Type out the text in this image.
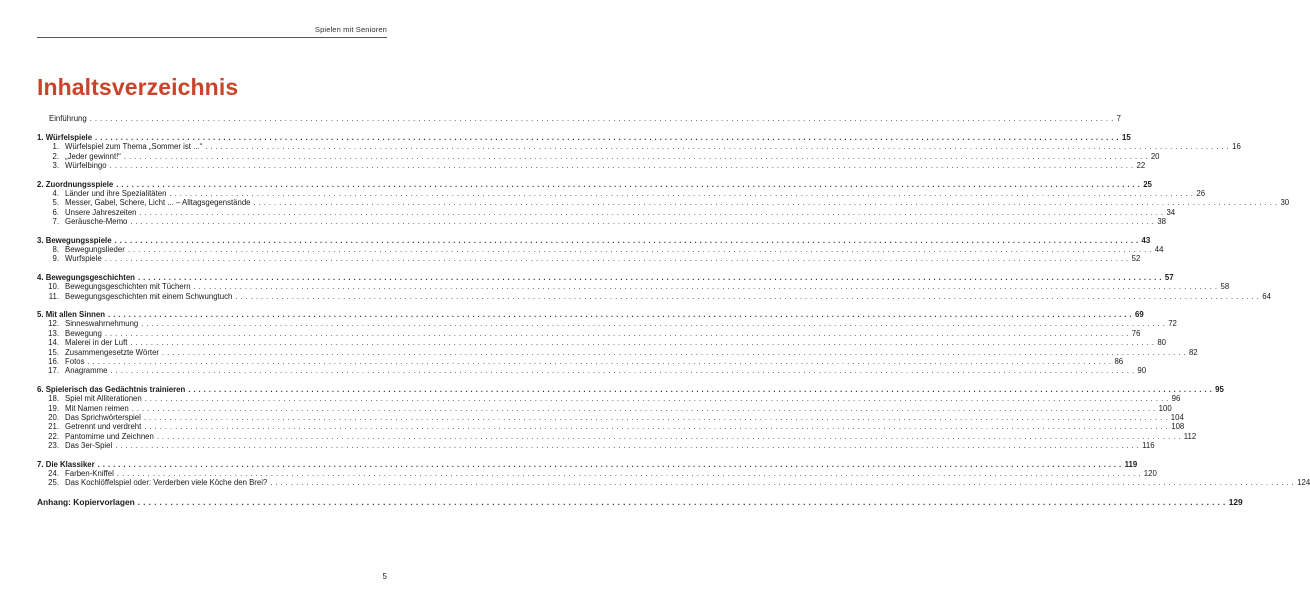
Spielen mit Senioren
Inhaltsverzeichnis
Einführung . . . . . . . . . . . . . . . . . . . . . . . . . . . . . . . . . . . . . . . . . . . . . . . . . . . . . . . . . . . . . . . . . . . . . . . . . . . . . . . . . . . . . . . . . . . . . . . . . . . . . . . . . . . . . . . . . . . . . . . . . . . . . . . . . . . . . . . . . . . . . . . . . . . . . . . . . . . . . . . . . . . . . . . . . . . . . . . . . . . . . . . . . . . . . . . . . . . . . . . . 7
1.
Würfelspiele . . . . . . . . . . . . . . . . . . . . . . . . . . . . . . . . . . . . . . . . . . . . . . . . . . . . . . . . . . . . . . . . . . . . . . . . . . . . . . . . . . . . . . . . . . . . . . . . . . . . . . . . . . . . . . . . . . . . . . . . . . . . . . . . . . . . . . . . . . . . . . . . . . . . . . . . . . . . . . . . . . . . . . . . . . . . . . . . . . . . . . . . . . . . . . . . . . . . . . . . 15
1. Würfelspiel zum Thema „Sommer ist ...“ . . . . . . . . . . . . . . . . . . . . . . . . . . . . . . . . . . . . . . . . . . . . . . . . . . . . . . . . . . . . . . . . . . . . . . . . . . . . . . . . . . . . . . . . . . . . . . . . . . . . . . . . . . . . . . . . . . . . . . . . . . . . . . . . . . . . . . . . . . . . . . . . . . . . . . . . . . . . . . . . . . . . . . . . . . . . . . . . . . . . . . . . . . . . . . . . . . . . . . . . 16
2. „Jeder gewinnt!“ . . . . . . . . . . . . . . . . . . . . . . . . . . . . . . . . . . . . . . . . . . . . . . . . . . . . . . . . . . . . . . . . . . . . . . . . . . . . . . . . . . . . . . . . . . . . . . . . . . . . . . . . . . . . . . . . . . . . . . . . . . . . . . . . . . . . . . . . . . . . . . . . . . . . . . . . . . . . . . . . . . . . . . . . . . . . . . . . . . . . . . . . . . . . . . . . . . . . . . . . 20
3. Würfelbingo . . . . . . . . . . . . . . . . . . . . . . . . . . . . . . . . . . . . . . . . . . . . . . . . . . . . . . . . . . . . . . . . . . . . . . . . . . . . . . . . . . . . . . . . . . . . . . . . . . . . . . . . . . . . . . . . . . . . . . . . . . . . . . . . . . . . . . . . . . . . . . . . . . . . . . . . . . . . . . . . . . . . . . . . . . . . . . . . . . . . . . . . . . . . . . . . . . . . . . . . 22
2.
Zuordnungsspiele . . . . . . . . . . . . . . . . . . . . . . . . . . . . . . . . . . . . . . . . . . . . . . . . . . . . . . . . . . . . . . . . . . . . . . . . . . . . . . . . . . . . . . . . . . . . . . . . . . . . . . . . . . . . . . . . . . . . . . . . . . . . . . . . . . . . . . . . . . . . . . . . . . . . . . . . . . . . . . . . . . . . . . . . . . . . . . . . . . . . . . . . . . . . . . . . . . . . . . . . 25
4. Länder und ihre Spezialitäten . . . . . . . . . . . . . . . . . . . . . . . . . . . . . . . . . . . . . . . . . . . . . . . . . . . . . . . . . . . . . . . . . . . . . . . . . . . . . . . . . . . . . . . . . . . . . . . . . . . . . . . . . . . . . . . . . . . . . . . . . . . . . . . . . . . . . . . . . . . . . . . . . . . . . . . . . . . . . . . . . . . . . . . . . . . . . . . . . . . . . . . . . . . . . . . . . . . . . . . . 26
5. Messer, Gabel, Schere, Licht ... – Alltagsgegenstände . . . . . . . . . . . . . . . . . . . . . . . . . . . . . . . . . . . . . . . . . . . . . . . . . . . . . . . . . . . . . . . . . . . . . . . . . . . . . . . . . . . . . . . . . . . . . . . . . . . . . . . . . . . . . . . . . . . . . . . . . . . . . . . . . . . . . . . . . . . . . . . . . . . . . . . . . . . . . . . . . . . . . . . . . . . . . . . . . . . . . . . . . . . . . . . . . . . . . . . . 30
6. Unsere Jahreszeiten . . . . . . . . . . . . . . . . . . . . . . . . . . . . . . . . . . . . . . . . . . . . . . . . . . . . . . . . . . . . . . . . . . . . . . . . . . . . . . . . . . . . . . . . . . . . . . . . . . . . . . . . . . . . . . . . . . . . . . . . . . . . . . . . . . . . . . . . . . . . . . . . . . . . . . . . . . . . . . . . . . . . . . . . . . . . . . . . . . . . . . . . . . . . . . . . . . . . . . . . 34
7. Geräusche-Memo . . . . . . . . . . . . . . . . . . . . . . . . . . . . . . . . . . . . . . . . . . . . . . . . . . . . . . . . . . . . . . . . . . . . . . . . . . . . . . . . . . . . . . . . . . . . . . . . . . . . . . . . . . . . . . . . . . . . . . . . . . . . . . . . . . . . . . . . . . . . . . . . . . . . . . . . . . . . . . . . . . . . . . . . . . . . . . . . . . . . . . . . . . . . . . . . . . . . . . . . 38
3.
Bewegungsspiele . . . . . . . . . . . . . . . . . . . . . . . . . . . . . . . . . . . . . . . . . . . . . . . . . . . . . . . . . . . . . . . . . . . . . . . . . . . . . . . . . . . . . . . . . . . . . . . . . . . . . . . . . . . . . . . . . . . . . . . . . . . . . . . . . . . . . . . . . . . . . . . . . . . . . . . . . . . . . . . . . . . . . . . . . . . . . . . . . . . . . . . . . . . . . . . . . . . . . . . . 43
8. Bewegungslieder . . . . . . . . . . . . . . . . . . . . . . . . . . . . . . . . . . . . . . . . . . . . . . . . . . . . . . . . . . . . . . . . . . . . . . . . . . . . . . . . . . . . . . . . . . . . . . . . . . . . . . . . . . . . . . . . . . . . . . . . . . . . . . . . . . . . . . . . . . . . . . . . . . . . . . . . . . . . . . . . . . . . . . . . . . . . . . . . . . . . . . . . . . . . . . . . . . . . . . . . 44
9. Wurfspiele . . . . . . . . . . . . . . . . . . . . . . . . . . . . . . . . . . . . . . . . . . . . . . . . . . . . . . . . . . . . . . . . . . . . . . . . . . . . . . . . . . . . . . . . . . . . . . . . . . . . . . . . . . . . . . . . . . . . . . . . . . . . . . . . . . . . . . . . . . . . . . . . . . . . . . . . . . . . . . . . . . . . . . . . . . . . . . . . . . . . . . . . . . . . . . . . . . . . . . . . 52
4.
Bewegungsgeschichten . . . . . . . . . . . . . . . . . . . . . . . . . . . . . . . . . . . . . . . . . . . . . . . . . . . . . . . . . . . . . . . . . . . . . . . . . . . . . . . . . . . . . . . . . . . . . . . . . . . . . . . . . . . . . . . . . . . . . . . . . . . . . . . . . . . . . . . . . . . . . . . . . . . . . . . . . . . . . . . . . . . . . . . . . . . . . . . . . . . . . . . . . . . . . . . . . . . . . . . . 57
10. Bewegungsgeschichten mit Tüchern . . . . . . . . . . . . . . . . . . . . . . . . . . . . . . . . . . . . . . . . . . . . . . . . . . . . . . . . . . . . . . . . . . . . . . . . . . . . . . . . . . . . . . . . . . . . . . . . . . . . . . . . . . . . . . . . . . . . . . . . . . . . . . . . . . . . . . . . . . . . . . . . . . . . . . . . . . . . . . . . . . . . . . . . . . . . . . . . . . . . . . . . . . . . . . . . . . . . . . . . 58
11. Bewegungsgeschichten mit einem Schwungtuch . . . . . . . . . . . . . . . . . . . . . . . . . . . . . . . . . . . . . . . . . . . . . . . . . . . . . . . . . . . . . . . . . . . . . . . . . . . . . . . . . . . . . . . . . . . . . . . . . . . . . . . . . . . . . . . . . . . . . . . . . . . . . . . . . . . . . . . . . . . . . . . . . . . . . . . . . . . . . . . . . . . . . . . . . . . . . . . . . . . . . . . . . . . . . . . . . . . . . . . . 64
5.
Mit allen Sinnen . . . . . . . . . . . . . . . . . . . . . . . . . . . . . . . . . . . . . . . . . . . . . . . . . . . . . . . . . . . . . . . . . . . . . . . . . . . . . . . . . . . . . . . . . . . . . . . . . . . . . . . . . . . . . . . . . . . . . . . . . . . . . . . . . . . . . . . . . . . . . . . . . . . . . . . . . . . . . . . . . . . . . . . . . . . . . . . . . . . . . . . . . . . . . . . . . . . . . . . . 69
12. Sinneswahrnehmung . . . . . . . . . . . . . . . . . . . . . . . . . . . . . . . . . . . . . . . . . . . . . . . . . . . . . . . . . . . . . . . . . . . . . . . . . . . . . . . . . . . . . . . . . . . . . . . . . . . . . . . . . . . . . . . . . . . . . . . . . . . . . . . . . . . . . . . . . . . . . . . . . . . . . . . . . . . . . . . . . . . . . . . . . . . . . . . . . . . . . . . . . . . . . . . . . . . . . . . . 72
13. Bewegung . . . . . . . . . . . . . . . . . . . . . . . . . . . . . . . . . . . . . . . . . . . . . . . . . . . . . . . . . . . . . . . . . . . . . . . . . . . . . . . . . . . . . . . . . . . . . . . . . . . . . . . . . . . . . . . . . . . . . . . . . . . . . . . . . . . . . . . . . . . . . . . . . . . . . . . . . . . . . . . . . . . . . . . . . . . . . . . . . . . . . . . . . . . . . . . . . . . . . . . . 76
14. Malerei in der Luft . . . . . . . . . . . . . . . . . . . . . . . . . . . . . . . . . . . . . . . . . . . . . . . . . . . . . . . . . . . . . . . . . . . . . . . . . . . . . . . . . . . . . . . . . . . . . . . . . . . . . . . . . . . . . . . . . . . . . . . . . . . . . . . . . . . . . . . . . . . . . . . . . . . . . . . . . . . . . . . . . . . . . . . . . . . . . . . . . . . . . . . . . . . . . . . . . . . . . . . . 80
15. Zusammengesetzte Wörter . . . . . . . . . . . . . . . . . . . . . . . . . . . . . . . . . . . . . . . . . . . . . . . . . . . . . . . . . . . . . . . . . . . . . . . . . . . . . . . . . . . . . . . . . . . . . . . . . . . . . . . . . . . . . . . . . . . . . . . . . . . . . . . . . . . . . . . . . . . . . . . . . . . . . . . . . . . . . . . . . . . . . . . . . . . . . . . . . . . . . . . . . . . . . . . . . . . . . . . . 82
16. Fotos . . . . . . . . . . . . . . . . . . . . . . . . . . . . . . . . . . . . . . . . . . . . . . . . . . . . . . . . . . . . . . . . . . . . . . . . . . . . . . . . . . . . . . . . . . . . . . . . . . . . . . . . . . . . . . . . . . . . . . . . . . . . . . . . . . . . . . . . . . . . . . . . . . . . . . . . . . . . . . . . . . . . . . . . . . . . . . . . . . . . . . . . . . . . . . . . . . . . . . . . 86
17. Anagramme . . . . . . . . . . . . . . . . . . . . . . . . . . . . . . . . . . . . . . . . . . . . . . . . . . . . . . . . . . . . . . . . . . . . . . . . . . . . . . . . . . . . . . . . . . . . . . . . . . . . . . . . . . . . . . . . . . . . . . . . . . . . . . . . . . . . . . . . . . . . . . . . . . . . . . . . . . . . . . . . . . . . . . . . . . . . . . . . . . . . . . . . . . . . . . . . . . . . . . . . 90
6.
Spielerisch das Gedächtnis trainieren . . . . . . . . . . . . . . . . . . . . . . . . . . . . . . . . . . . . . . . . . . . . . . . . . . . . . . . . . . . . . . . . . . . . . . . . . . . . . . . . . . . . . . . . . . . . . . . . . . . . . . . . . . . . . . . . . . . . . . . . . . . . . . . . . . . . . . . . . . . . . . . . . . . . . . . . . . . . . . . . . . . . . . . . . . . . . . . . . . . . . . . . . . . . . . . . . . . . . . . . 95
18. Spiel mit Alliterationen . . . . . . . . . . . . . . . . . . . . . . . . . . . . . . . . . . . . . . . . . . . . . . . . . . . . . . . . . . . . . . . . . . . . . . . . . . . . . . . . . . . . . . . . . . . . . . . . . . . . . . . . . . . . . . . . . . . . . . . . . . . . . . . . . . . . . . . . . . . . . . . . . . . . . . . . . . . . . . . . . . . . . . . . . . . . . . . . . . . . . . . . . . . . . . . . . . . . . . . . 96
19. Mit Namen reimen . . . . . . . . . . . . . . . . . . . . . . . . . . . . . . . . . . . . . . . . . . . . . . . . . . . . . . . . . . . . . . . . . . . . . . . . . . . . . . . . . . . . . . . . . . . . . . . . . . . . . . . . . . . . . . . . . . . . . . . . . . . . . . . . . . . . . . . . . . . . . . . . . . . . . . . . . . . . . . . . . . . . . . . . . . . . . . . . . . . . . . . . . . . . . . . . . . . . . . . . 100
20. Das Sprichwörterspiel . . . . . . . . . . . . . . . . . . . . . . . . . . . . . . . . . . . . . . . . . . . . . . . . . . . . . . . . . . . . . . . . . . . . . . . . . . . . . . . . . . . . . . . . . . . . . . . . . . . . . . . . . . . . . . . . . . . . . . . . . . . . . . . . . . . . . . . . . . . . . . . . . . . . . . . . . . . . . . . . . . . . . . . . . . . . . . . . . . . . . . . . . . . . . . . . . . . . . . . . 104
21. Getrennt und verdreht . . . . . . . . . . . . . . . . . . . . . . . . . . . . . . . . . . . . . . . . . . . . . . . . . . . . . . . . . . . . . . . . . . . . . . . . . . . . . . . . . . . . . . . . . . . . . . . . . . . . . . . . . . . . . . . . . . . . . . . . . . . . . . . . . . . . . . . . . . . . . . . . . . . . . . . . . . . . . . . . . . . . . . . . . . . . . . . . . . . . . . . . . . . . . . . . . . . . . . . . 108
22. Pantomime und Zeichnen . . . . . . . . . . . . . . . . . . . . . . . . . . . . . . . . . . . . . . . . . . . . . . . . . . . . . . . . . . . . . . . . . . . . . . . . . . . . . . . . . . . . . . . . . . . . . . . . . . . . . . . . . . . . . . . . . . . . . . . . . . . . . . . . . . . . . . . . . . . . . . . . . . . . . . . . . . . . . . . . . . . . . . . . . . . . . . . . . . . . . . . . . . . . . . . . . . . . . . . . 112
23. Das 3er-Spiel . . . . . . . . . . . . . . . . . . . . . . . . . . . . . . . . . . . . . . . . . . . . . . . . . . . . . . . . . . . . . . . . . . . . . . . . . . . . . . . . . . . . . . . . . . . . . . . . . . . . . . . . . . . . . . . . . . . . . . . . . . . . . . . . . . . . . . . . . . . . . . . . . . . . . . . . . . . . . . . . . . . . . . . . . . . . . . . . . . . . . . . . . . . . . . . . . . . . . . . . 116
7.
Die Klassiker . . . . . . . . . . . . . . . . . . . . . . . . . . . . . . . . . . . . . . . . . . . . . . . . . . . . . . . . . . . . . . . . . . . . . . . . . . . . . . . . . . . . . . . . . . . . . . . . . . . . . . . . . . . . . . . . . . . . . . . . . . . . . . . . . . . . . . . . . . . . . . . . . . . . . . . . . . . . . . . . . . . . . . . . . . . . . . . . . . . . . . . . . . . . . . . . . . . . . . . . 119
24. Farben-Kniffel . . . . . . . . . . . . . . . . . . . . . . . . . . . . . . . . . . . . . . . . . . . . . . . . . . . . . . . . . . . . . . . . . . . . . . . . . . . . . . . . . . . . . . . . . . . . . . . . . . . . . . . . . . . . . . . . . . . . . . . . . . . . . . . . . . . . . . . . . . . . . . . . . . . . . . . . . . . . . . . . . . . . . . . . . . . . . . . . . . . . . . . . . . . . . . . . . . . . . . . . 120
25. Das Kochlöffelspiel oder: Verderben viele Köche den Brei? . . . . . . . . . . . . . . . . . . . . . . . . . . . . . . . . . . . . . . . . . . . . . . . . . . . . . . . . . . . . . . . . . . . . . . . . . . . . . . . . . . . . . . . . . . . . . . . . . . . . . . . . . . . . . . . . . . . . . . . . . . . . . . . . . . . . . . . . . . . . . . . . . . . . . . . . . . . . . . . . . . . . . . . . . . . . . . . . . . . . . . . . . . . . . . . . . . . . . . . . 124
Anhang: Kopiervorlagen . . . . . . . . . . . . . . . . . . . . . . . . . . . . . . . . . . . . . . . . . . . . . . . . . . . . . . . . . . . . . . . . . . . . . . . . . . . . . . . . . . . . . . . . . . . . . . . . . . . . . . . . . . . . . . . . . . . . . . . . . . . . . . . . . . . . . . . . . . . . . . . . . . . . . . . . . . . . . . . . . . . . . . . . . . . . . . . . . . . . . . . . . . . . . . . . . . . . . . . . 129
5
